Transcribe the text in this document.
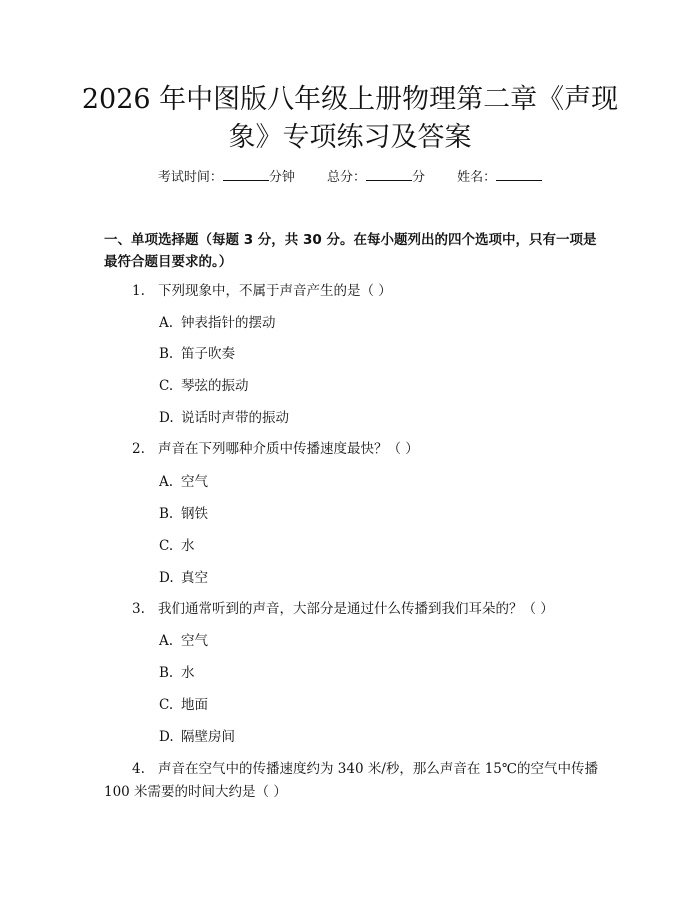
2026 年中图版八年级上册物理第二章《声现
象》专项练习及答案
考试时间：	分钟 总分：	分 姓名：
一、单项选择题（每题 3 分，共 30 分。在每小题列出的四个选项中，只有一项是最符合题目要求的。）
1. 下列现象中，不属于声音产生的是（ ）
A. 钟表指针的摆动
B. 笛子吹奏
C. 琴弦的振动
D. 说话时声带的振动
2. 声音在下列哪种介质中传播速度最快？（ ）
A. 空气
B. 钢铁
C. 水
D. 真空
3. 我们通常听到的声音，大部分是通过什么传播到我们耳朵的？（ ）
A. 空气
B. 水
C. 地面
D. 隔壁房间
4. 声音在空气中的传播速度约为 340 米/秒，那么声音在 15℃的空气中传播 100 米需要的时间大约是（ ）
